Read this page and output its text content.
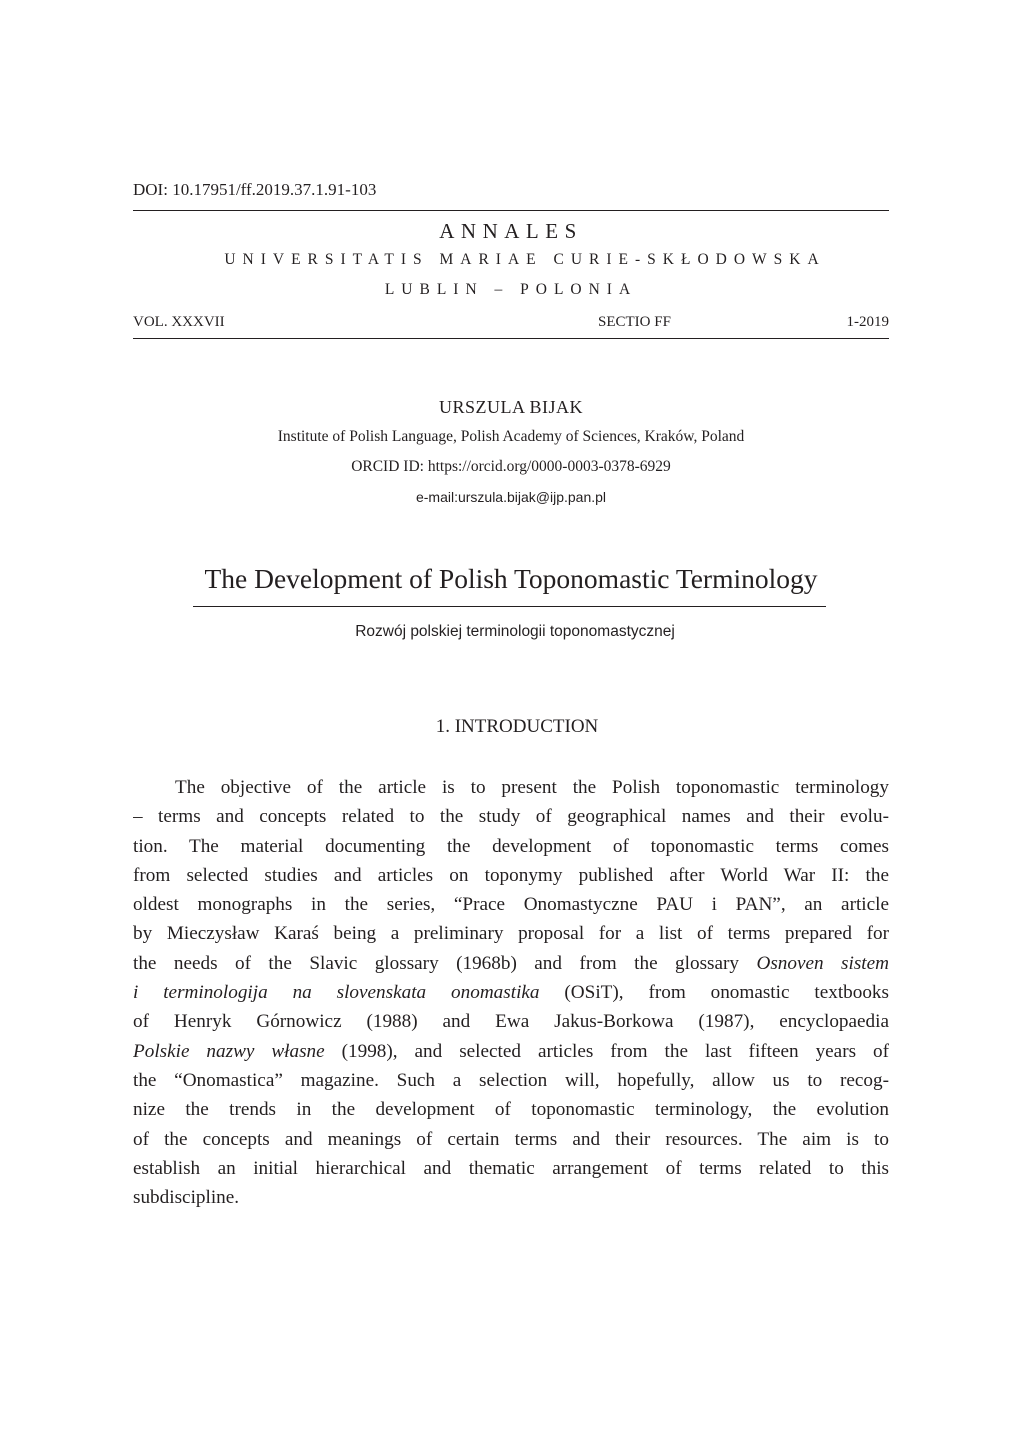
DOI: 10.17951/ff.2019.37.1.91-103
ANNALES
UNIVERSITATIS MARIAE CURIE-SKŁODOWSKA
LUBLIN – POLONIA
VOL. XXXVII	SECTIO FF	1-2019
URSZULA BIJAK
Institute of Polish Language, Polish Academy of Sciences, Kraków, Poland
ORCID ID: https://orcid.org/0000-0003-0378-6929
e-mail:urszula.bijak@ijp.pan.pl
The Development of Polish Toponomastic Terminology
Rozwój polskiej terminologii toponomastycznej
1. INTRODUCTION
The objective of the article is to present the Polish toponomastic terminology
– terms and concepts related to the study of geographical names and their evolu-
tion. The material documenting the development of toponomastic terms comes
from selected studies and articles on toponymy published after World War II: the
oldest monographs in the series, “Prace Onomastyczne PAU i PAN”, an article
by Mieczysław Karaś being a preliminary proposal for a list of terms prepared for
the needs of the Slavic glossary (1968b) and from the glossary Osnoven sistem
i terminologija na slovenskata onomastika (OSiT), from onomastic textbooks
of Henryk Górnowicz (1988) and Ewa Jakus-Borkowa (1987), encyclopaedia
Polskie nazwy własne (1998), and selected articles from the last fifteen years of
the “Onomastica” magazine. Such a selection will, hopefully, allow us to recog-
nize the trends in the development of toponomastic terminology, the evolution
of the concepts and meanings of certain terms and their resources. The aim is to
establish an initial hierarchical and thematic arrangement of terms related to this
subdiscipline.
